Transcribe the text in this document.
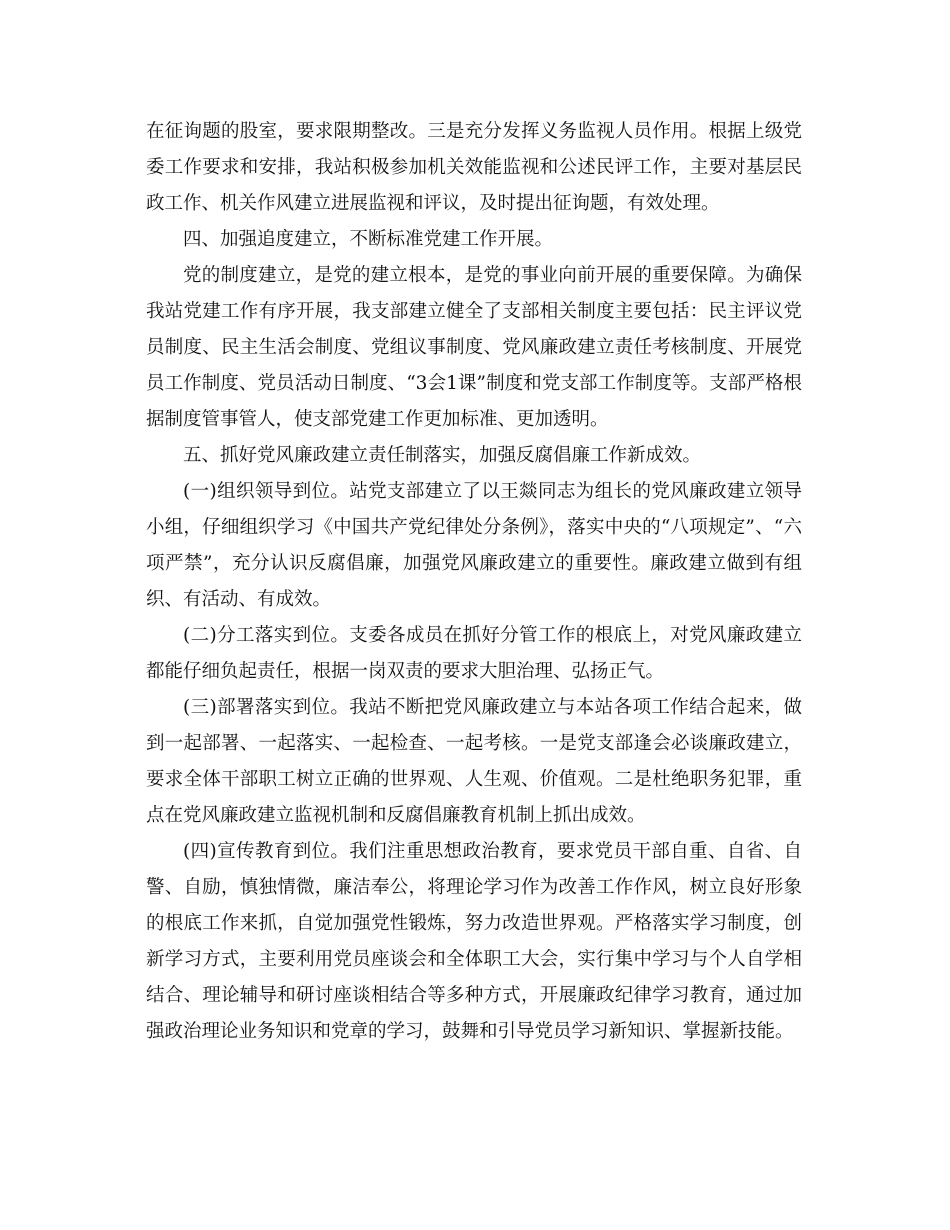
在征询题的股室，要求限期整改。三是充分发挥义务监视人员作用。根据上级党委工作要求和安排，我站积极参加机关效能监视和公述民评工作，主要对基层民政工作、机关作风建立进展监视和评议，及时提出征询题，有效处理。

四、加强追度建立，不断标准党建工作开展。

党的制度建立，是党的建立根本，是党的事业向前开展的重要保障。为确保我站党建工作有序开展，我支部建立健全了支部相关制度主要包括：民主评议党员制度、民主生活会制度、党组议事制度、党风廉政建立责任考核制度、开展党员工作制度、党员活动日制度、“3会1课”制度和党支部工作制度等。支部严格根据制度管事管人，使支部党建工作更加标准、更加透明。

五、抓好党风廉政建立责任制落实，加强反腐倡廉工作新成效。

(一)组织领导到位。站党支部建立了以王燚同志为组长的党风廉政建立领导小组，仔细组织学习《中国共产党纪律处分条例》，落实中央的“八项规定”、“六项严禁”，充分认识反腐倡廉，加强党风廉政建立的重要性。廉政建立做到有组织、有活动、有成效。

(二)分工落实到位。支委各成员在抓好分管工作的根底上，对党风廉政建立都能仔细负起责任，根据一岗双责的要求大胆治理、弘扬正气。

(三)部署落实到位。我站不断把党风廉政建立与本站各项工作结合起来，做到一起部署、一起落实、一起检查、一起考核。一是党支部逢会必谈廉政建立，要求全体干部职工树立正确的世界观、人生观、价值观。二是杜绝职务犯罪，重点在党风廉政建立监视机制和反腐倡廉教育机制上抓出成效。

(四)宣传教育到位。我们注重思想政治教育，要求党员干部自重、自省、自警、自励，慎独情微，廉洁奉公，将理论学习作为改善工作作风，树立良好形象的根底工作来抓，自觉加强党性锻炼，努力改造世界观。严格落实学习制度，创新学习方式，主要利用党员座谈会和全体职工大会，实行集中学习与个人自学相结合、理论辅导和研讨座谈相结合等多种方式，开展廉政纪律学习教育，通过加强政治理论业务知识和党章的学习，鼓舞和引导党员学习新知识、掌握新技能。
